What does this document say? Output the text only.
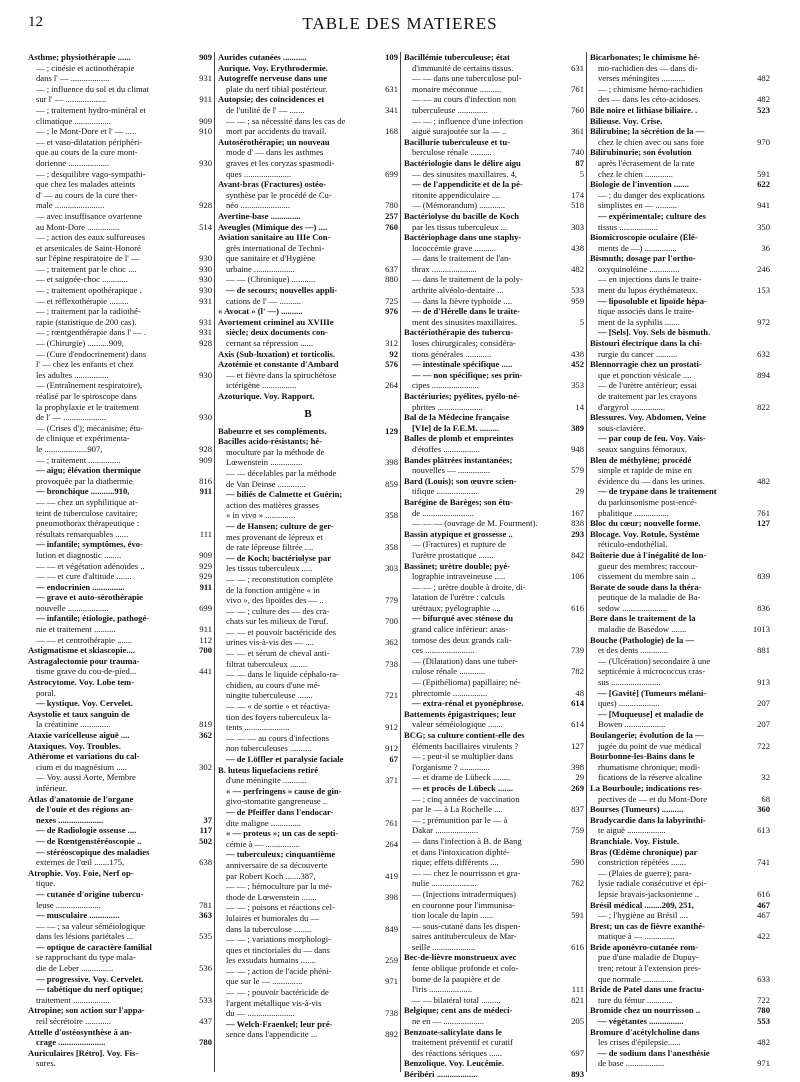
12	TABLE DES MATIERES
Asthme; physiothérapie ......	909
— ; cinésie et actinothérapie
dans l' — ..................	931
— ; influence du sol et du climat
sur l' — ...................	911
— ; traitement hydro-minéral et
climatique .................	909
— ; le Mont-Dore et l' — .....	910
— et vaso-dilatation périphéri-
que au cours de la cure mont-
dorienne ...................	930
— ; desquilibre vago-sympathi-
que chez les malades atteints
d' — au cours de la cure ther-
male .......................	928
— avec insuffisance ovarienne
au Mont-Dore ...............	514
— ; action des eaux sulfureuses
et arsenicales de Saint-Honoré
sur l'épine respiratoire de l' —	930
— ; traitement par le choc ....	930
— et saignée-choc ............	930
— ; traitement opothérapique .	930
— et réflexothérapie .........	931
— ; traitement par la radiothé-
rapie (statistique de 200 cas).	931
— ; rœntgenthérapie dans l' — .	931
— (Chirurgie) ..........909,	928
— (Cure d'endocrinement) dans
l' — chez les enfants et chez
les adultes ................	930
— (Entraînement respiratoire),
réalisé par le spiroscope dans
la prophylaxie et le traitement
de l' — ....................	930
— (Crises d'); mécanisme; étu-
de clinique et expérimenta-
le ....................907,	928
— ; traitement ...............	909
— aigu; élévation thermique
provoquée par la diathermie	816
— bronchique ...........910,	911
— — chez un syphilitique at-
teint de tuberculose cavitaire;
pneumothorax thérapeutique :
résultats remarquables ......	111
— infantile; symptômes, évo-
lution et diagnostic ........	909
— — et végétation adénoïdes ..	929
— — et cure d'altitude .......	929
— endocrinien ...............	911
— grave et auto-sérothérapie
nouvelle ...................	699
— infantile; étiologie, pathogé-
nie et traitement ..........	911
— — et centrothérapie .......	112
Astigmatisme et skiascopie....	700
Astragalectomie pour trauma-
tisme grave du cou-de-pied...	441
Astrocytome. Voy. Lobe tem-
poral.
— kystique. Voy. Cervelet.
Asystolie et taux sanguin de
la créatinine ..............	819
Ataxie varicelleuse aiguë ....	362
Ataxiques. Voy. Troubles.
Athérome et variations du cal-
cium et du magnésium .....	302
— Voy. aussi Aorte, Membre
inférieur.
Atlas d'anatomie de l'organe
de l'ouïe et des régions an-
nexes .....................	37
— de Radiologie osseuse ....	117
— de Rœntgenstéréoscopie ..	502
— stéréoscopique des maladies
externes de l'œil .......175,	638
Atrophie. Voy. Foie, Nerf op-
tique.
— cutanée d'origine tubercu-
leuse .....................	781
— musculaire ..............	363
— — ; sa valeur séméiologique
dans les lésions pariétales ...	535
— optique de caractère familial
se rapprochant du type mala-
die de Leber ...............	536
— progressive. Voy. Cervelet.
— tabétique du nerf optique;
traitement .................	533
Atropine; son action sur l'appa-
reil sécrétoire ............	437
Attelle d'ostéosynthèse à an-
crage ......................	780
Auriculaires [Rétro]. Voy. Fis-
sures.
Aurides cutanées ...........	109
Aurique. Voy. Erythrodermie.
Autogreffe nerveuse dans une
plaie du nerf tibial postérieur.	631
Autopsie; des coïncidences et
de l'utilité de l' — .......	341
— — ; sa nécessité dans les cas de
mort par accidents du travail.	168
Autosérothérapie; un nouveau
mode d' — dans les asthmes
graves et les coryzas spasmodi-
ques ......................	699
Avant-bras (Fractures) ostéo-
synthèse par le procédé de Cu-
néo .......................	780
Avertine-base ..............	257
Aveugles (Mimique des —) ....	760
Aviation sanitaire au IIIe Con-
grès international de Techni-
que sanitaire et d'Hygiène
urbaine ...................	637
— — (Chronique) ...........	880
— de secours; nouvelles appli-
cations de l' — ..........	725
« Avocat » (l' —) ..........	976
Avortement criminel au XVIIIe
siècle; deux documents con-
cernant sa répression ......	312
Axis (Sub-luxation) et torticolis.	92
Azotémie et constante d'Ambard	576
— et fièvre dans la spirochétose
ictérigène ................	264
Azoturique. Voy. Rapport.
B
Babeurre et ses compléments.	129
Bacilles acido-résistants; hé-
moculture par la méthode de
Lœwenstein ...............	398
— — décelables par la méthode
de Van Deinse .............	859
— biliés de Calmette et Guérin;
action des matières grasses
« in vivo » ..............	358
— de Hansen; culture de ger-
mes provenant de lépreux et
de rate lépreuse filtrée ....	358
— de Koch; bactériolyse par
les tissus tuberculeux .....	303
— — ; reconstitution complète
de la fonction antigène « in
vivo », des lipoïdes des — ..	779
— — ; culture des — des cra-
chats sur les milieux de l'œuf.	700
— — et pouvoir bactéricide des
urines vis-à-vis des — ....	362
— — et sérum de cheval anti-
filtrat tuberculeux ........	738
— — dans le liquide céphalo-ra-
chidien, au cours d'une mé-
ningite tuberculeuse .......	721
— — « de sortie » et réactiva-
tion des foyers tuberculeux la-
tents .....................	912
— — — au cours d'infections
non tuberculeuses ..........	912
— de Löffler et paralysie faciale	67
B. luteus liquefaciens retiré
d'une méningite ...........	371
« — perfringens » cause de gin-
givo-stomatite gangreneuse ..
— de Pfeiffer dans l'endocar-
dite maligne ..............	761
« — proteus »; un cas de septi-
cémie à — ................	264
— tuberculeux; cinquantième
anniversaire de sa découverte
par Robert Koch .......387,	419
— — ; hémoculture par la mé-
thode de Lœwenstein .......	398
— — ; poisons et réactions cel-
lulaires et humorales du —
dans la tuberculose ........	849
— — ; variations morphologi-
ques et tinctoriales du — dans
les exsudats humains .......	259
— — ; action de l'acide phéni-
que sur le — ..............	971
— — ; pouvoir bactéricide de
l'argent métallique vis-à-vis
du — ......................	738
— Welch-Fraenkel; leur pré-
sence dans l'appendicite ...	892
Bacillémie tuberculeuse; état
d'immunité de certains tissus.	631
— — dans une tuberculose pul-
monaire méconnue ..........	761
— — au cours d'infection non
tuberculeuse ..............	760
— — ; influence d'une infection
aiguë surajoutée sur la — ..	361
Bacillurie tuberculeuse et tu-
berculose rénale ..........	740
Bactériologie dans le délire aigu	87
— des sinusites maxillaires. 4,	5
— de l'appendicite et de la pé-
ritonite appendiculaire ....	174
— (Mémorandum) ............	518
Bactériolyse du bacille de Koch
par les tissus tuberculeux ...	303
Bactériophage dans une staphy-
lococcémie grave ..........	438
— dans le traitement de l'an-
thrax .....................	482
— dans le traitement de la poly-
arthrite alvéolo-dentaire ...	533
— dans la fièvre typhoïde ....	959
— de d'Hérelle dans le traite-
ment des sinusites maxillaires.	5
Bactériothérapie des tubercu-
loses chirurgicales; considéra-
tions générales ............	438
— intestinale spécifique .....	452
— — non spécifique; ses prin-
cipes ......................	353
Bactériuries; pyélites, pyélo-né-
phrites .....................	14
Bal de la Médecine française
[VIe] de la F.E.M. .........	389
Balles de plomb et empreintes
d'étoffes .................	948
Bandes plâtrées instantanées;
nouvelles — ...............	579
Bard (Louis); son œuvre scien-
tifique ...................	29
Barégine de Barèges; son étu-
de ........................	167
— — — (ouvrage de M. Fourment).	838
Bassin atypique et grossesse ..	293
— (Fractures) et rupture de
l'urètre prostatique .......	842
Bassinet; urètre double; pyé-
lographie intraveineuse .....	106
— — ; urètre double à droite, di-
latation de l'urètre : calculs
urétraux; pyélographie ....	616
— bifurqué avec sténose du
grand calice inférieur: anas-
tomose des deux grands cali-
ces .......................	739
— (Dilatation) dans une tuber-
culose rénale ............	782
— (Epithélioma) papillaire; né-
phrectomie ................	48
— extra-rénal et pyonéphrose.	614
Battements épigastriques; leur
valeur séméiologique .......	614
BCG; sa culture contient-elle des
éléments bacillaires virulents ?	127
— ; peut-il se multiplier dans
l'organisme ? ..............	398
— et drame de Lübeck ........	29
— et procès de Lübeck .......	269
— ; cinq années de vaccination
par le — à La Rochelle ....	837
— ; prémunition par le — à
Dakar ....................	759
— dans l'infection à B. de Bang
et dans l'intoxication diphté-
rique; effets différents ....	590
— — chez le nourrisson et gra-
nulie .....................	762
— (Injections intradermiques)
en couronne pour l'immunisa-
tion locale du lapin ......	591
— sous-cutané dans les dispen-
saires antituberculeux de Mar-
seille ....................	616
Bec-de-lièvre monstrueux avec
fente oblique profonde et colo-
bome de la paupière et de
l'iris ....................	111
— — bilatéral total .........	821
Belgique; cent ans de médeci-
ne en — ...................	205
Benzoate-salicylate dans le
traitement préventif et curatif
des réactions sériques ......	697
Benzolique. Voy. Leucémie.
Béribéri ...................	893
Bicarbonates; le chimisme hé-
mo-rachidien des — dans di-
verses méningites ...........	482
— ; chimisme hémo-rachidien
des — dans les céto-acidoses.	482
Bile noire et lithiase biliaire. .	523
Bilieuse. Voy. Crise.
Bilirubine; la sécrétion de la —
chez le chien avec ou sans foie	970
Bilirubinurie; son évolution
après l'écrasement de la rate
chez le chien .............	591
Biologie de l'invention .......	622
— ; du danger des explications
simplistes en — ..........	941
— expérimentale; culture des
tissus ..................	350
Biomicroscopie oculaire (Elé-
ments de —) ...............	36
Bismuth; dosage par l'ortho-
oxyquinoléine ..............	246
— en injections dans le traite-
ment du lupus érythémateux.	153
— liposoluble et lipoïde hépa-
tique associés dans le traite-
ment de la syphilis .......	972
— [Sels]. Voy. Sels de bismuth.
Bistouri électrique dans la chi-
rurgie du cancer ..........	632
Blennorragie chez un prostati-
que et ponction vésicale ....	894
— de l'urètre antérieur; essai
de traitement par les crayons
d'argyrol ................	822
Blessures. Voy. Abdomen, Veine
sous-clavière.
— par coup de feu. Voy. Vais-
seaux sanguins fémoraux.
Bleu de méthylène; procédé
simple et rapide de mise en
évidence du — dans les urines.	482
— de trypane dans le traitement
du parkinsonisme post-encé-
phalitique ................	761
Bloc du cœur; nouvelle forme.	127
Blocage. Voy. Rotule, Système
réticulo-endothélial.
Boîterie due à l'inégalité de lon-
gueur des membres; raccour-
cissement du membre sain ..	839
Borate de soude dans la théra-
peutique de la maladie de Ba-
sedow .....................	836
Bore dans le traitement de la
maladie de Basedow .......	1013
Bouche (Pathologie) de la —
et des dents .............	881
— (Ulcération) secondaire à une
septicémie à micrococcus cras-
sus .......................	913
— [Gavité] (Tumeurs mélani-
ques) ...................	207
— [Muqueuse] et maladie de
Bowen ...................	207
Boulangerie; évolution de la —
jugée du point de vue médical	722
Bourbonne-les-Bains dans le
rhumatisme chronique; modi-
fications de la réserve alcaline	32
La Bourboule; indications res-
pectives de — et du Mont-Dore	68
Bourses (Tumeurs) ..........	360
Bradycardie dans la labyrinthi-
te aiguë ..................	613
Branchiale. Voy. Fistule.
Bras (Œdème chronique) par
constriction répétées .......	741
— (Plaies de guerre); para-
lysie radiale consécutive et épi-
lepsie bravais-jacksonienne ..	616
Brésil médical ........209, 251,	467
— ; l'hygiène au Brésil ....	467
Brest; un cas de fièvre exanthé-
matique à — ..............	422
Bride aponévro-cutanée rom-
pue d'une maladie de Dupuy-
tren; retour à l'extension pres-
que normale ..............	633
Bride de Patel dans une fractu-
ture du fémur ............	722
Bromide chez un nourrisson ..	780
— végétantes ................	553
Bromure d'acétylcholine dans
les crises d'épilepsie......	482
— de sodium dans l'anesthésie
de base ..................	971
